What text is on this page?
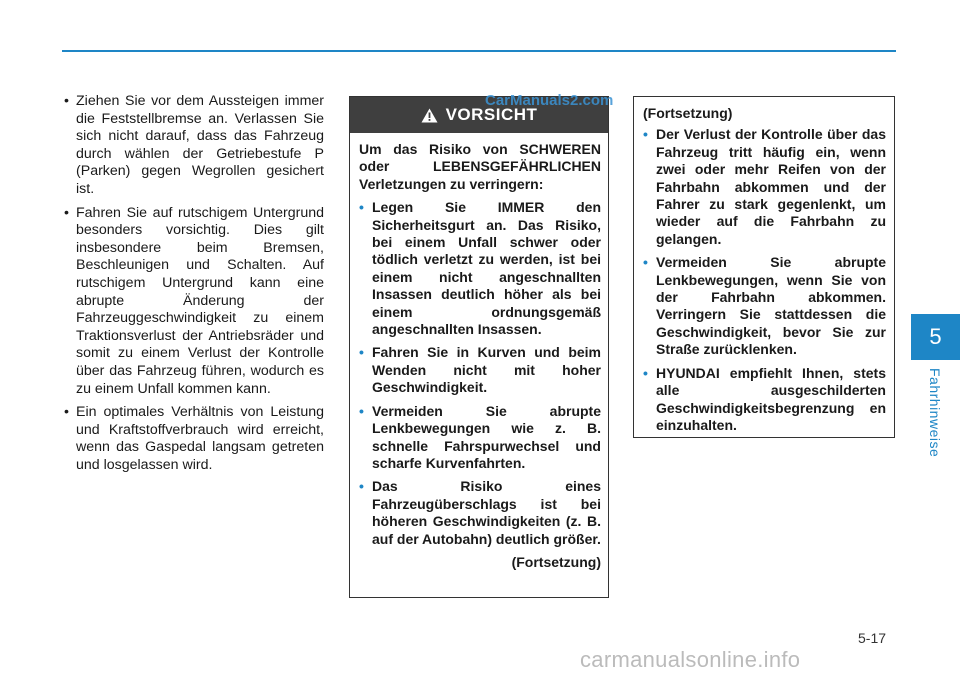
• Ziehen Sie vor dem Aussteigen immer die Feststellbremse an. Verlassen Sie sich nicht darauf, dass das Fahrzeug durch wählen der Getriebestufe P (Parken) gegen Wegrollen gesichert ist.
• Fahren Sie auf rutschigem Untergrund besonders vorsichtig. Dies gilt insbesondere beim Bremsen, Beschleunigen und Schalten. Auf rutschigem Untergrund kann eine abrupte Änderung der Fahrzeuggeschwindigkeit zu einem Traktionsverlust der Antriebsräder und somit zu einem Verlust der Kontrolle über das Fahrzeug führen, wodurch es zu einem Unfall kommen kann.
• Ein optimales Verhältnis von Leistung und Kraftstoffverbrauch wird erreicht, wenn das Gaspedal langsam getreten und losgelassen wird.
VORSICHT

Um das Risiko von SCHWEREN oder LEBENSGEFÄHRLICHEN Verletzungen zu verringern:

• Legen Sie IMMER den Sicherheitsgurt an. Das Risiko, bei einem Unfall schwer oder tödlich verletzt zu werden, ist bei einem nicht angeschnallten Insassen deutlich höher als bei einem ordnungsgemäß angeschnallten Insassen.
• Fahren Sie in Kurven und beim Wenden nicht mit hoher Geschwindigkeit.
• Vermeiden Sie abrupte Lenkbewegungen wie z. B. schnelle Fahrspurwechsel und scharfe Kurvenfahrten.
• Das Risiko eines Fahrzeugüberschlags ist bei höheren Geschwindigkeiten (z. B. auf der Autobahn) deutlich größer.
(Fortsetzung)

(Fortsetzung)

• Der Verlust der Kontrolle über das Fahrzeug tritt häufig ein, wenn zwei oder mehr Reifen von der Fahrbahn abkommen und der Fahrer zu stark gegenlenkt, um wieder auf die Fahrbahn zu gelangen.
• Vermeiden Sie abrupte Lenkbewegungen, wenn Sie von der Fahrbahn abkommen. Verringern Sie stattdessen die Geschwindigkeit, bevor Sie zur Straße zurücklenken.
• HYUNDAI empfiehlt Ihnen, stets alle ausgeschilderten Geschwindigkeitsbegrenzung en einzuhalten.
CarManuals2.com
5
Fahrhinweise
5-17
carmanualsonline.info
